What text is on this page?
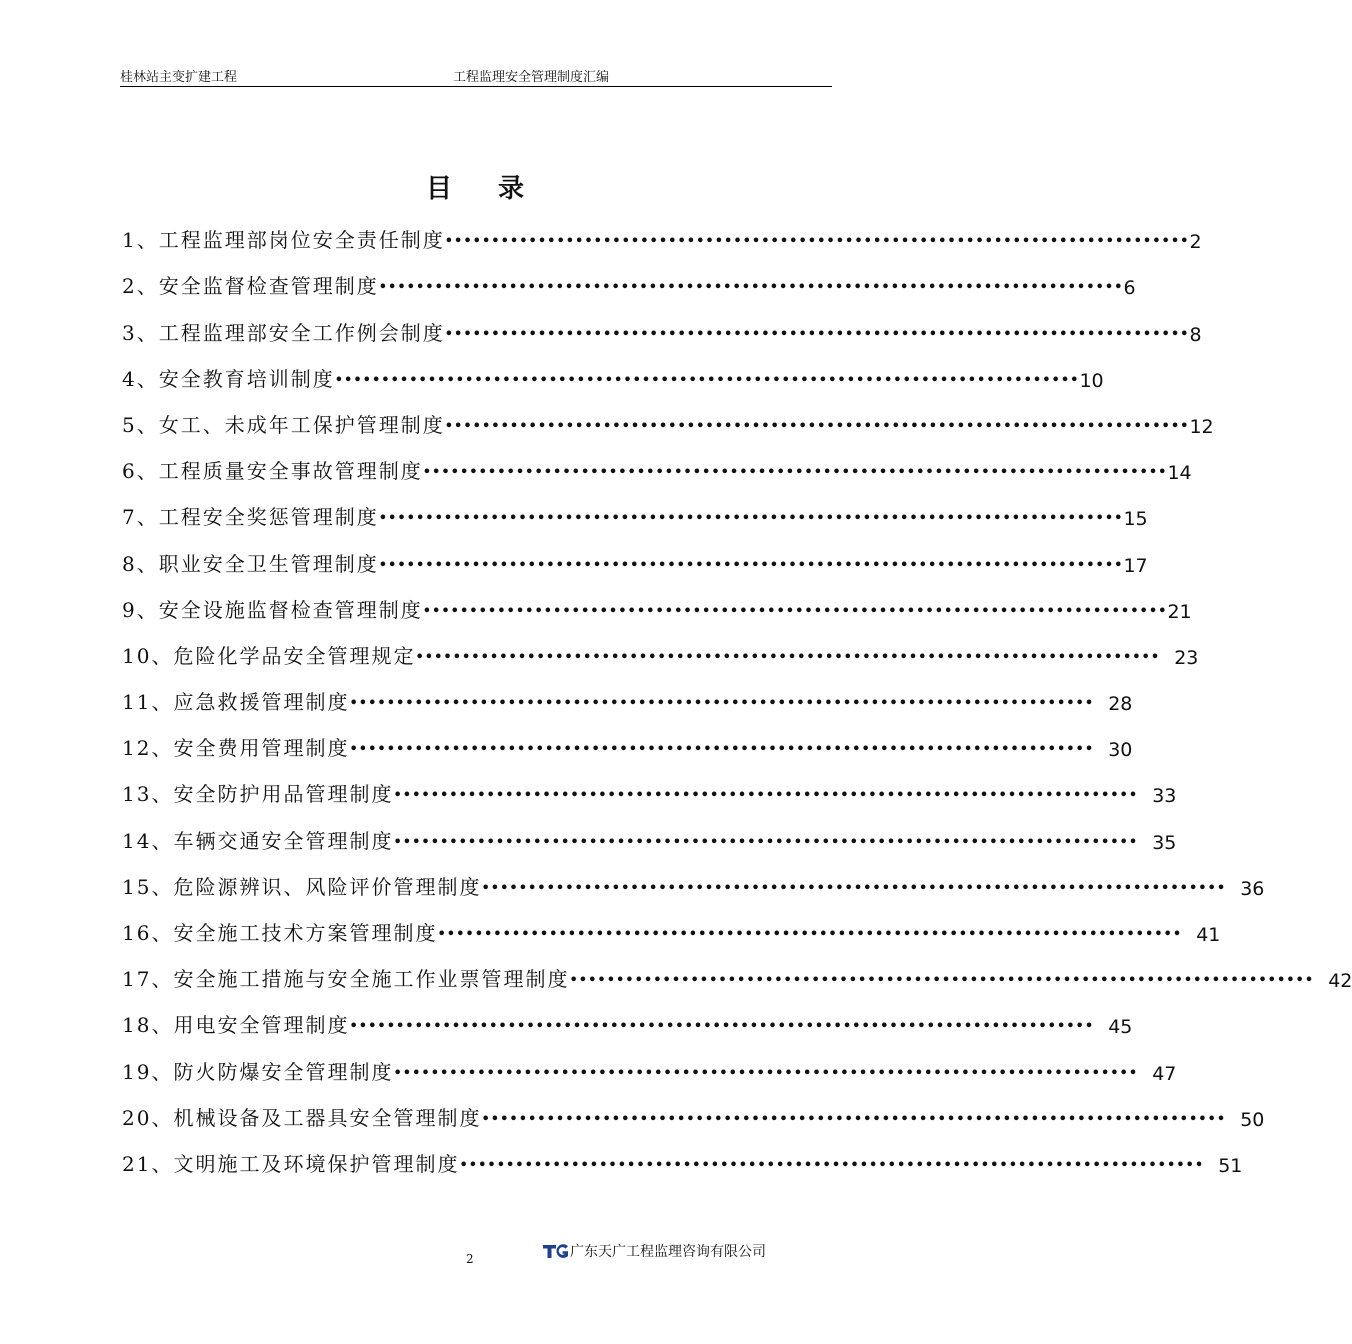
桂林站主变扩建工程	工程监理安全管理制度汇编
目录
1、工程监理部岗位安全责任制度 •••••••••••••••••••••••••••••••••••••••••••••••••••••••••••••••••••••••••••••••• 2
2、安全监督检查管理制度 •••••••••••••••••••••••••••••••••••••••••••••••••••••••••••••••••••••••••••••••• 6
3、工程监理部安全工作例会制度 •••••••••••••••••••••••••••••••••••••••••••••••••••••••••••••••••••••••••••••••• 8
4、安全教育培训制度 •••••••••••••••••••••••••••••••••••••••••••••••••••••••••••••••••••••••••••••••• 10
5、女工、未成年工保护管理制度 •••••••••••••••••••••••••••••••••••••••••••••••••••••••••••••••••••••••••••••••• 12
6、工程质量安全事故管理制度 •••••••••••••••••••••••••••••••••••••••••••••••••••••••••••••••••••••••••••••••• 14
7、工程安全奖惩管理制度 •••••••••••••••••••••••••••••••••••••••••••••••••••••••••••••••••••••••••••••••• 15
8、职业安全卫生管理制度 •••••••••••••••••••••••••••••••••••••••••••••••••••••••••••••••••••••••••••••••• 17
9、安全设施监督检查管理制度 •••••••••••••••••••••••••••••••••••••••••••••••••••••••••••••••••••••••••••••••• 21
10、危险化学品安全管理规定 •••••••••••••••••••••••••••••••••••••••••••••••••••••••••••••••••••••••••••••••• 23
11、应急救援管理制度 •••••••••••••••••••••••••••••••••••••••••••••••••••••••••••••••••••••••••••••••• 28
12、安全费用管理制度 •••••••••••••••••••••••••••••••••••••••••••••••••••••••••••••••••••••••••••••••• 30
13、安全防护用品管理制度 •••••••••••••••••••••••••••••••••••••••••••••••••••••••••••••••••••••••••••••••• 33
14、车辆交通安全管理制度 •••••••••••••••••••••••••••••••••••••••••••••••••••••••••••••••••••••••••••••••• 35
15、危险源辨识、风险评价管理制度 •••••••••••••••••••••••••••••••••••••••••••••••••••••••••••••••••••••••••••••••• 36
16、安全施工技术方案管理制度 •••••••••••••••••••••••••••••••••••••••••••••••••••••••••••••••••••••••••••••••• 41
17、安全施工措施与安全施工作业票管理制度 •••••••••••••••••••••••••••••••••••••••••••••••••••••••••••••••••••••••••••••••• 42
18、用电安全管理制度 •••••••••••••••••••••••••••••••••••••••••••••••••••••••••••••••••••••••••••••••• 45
19、防火防爆安全管理制度 •••••••••••••••••••••••••••••••••••••••••••••••••••••••••••••••••••••••••••••••• 47
20、机械设备及工器具安全管理制度 •••••••••••••••••••••••••••••••••••••••••••••••••••••••••••••••••••••••••••••••• 50
21、文明施工及环境保护管理制度 •••••••••••••••••••••••••••••••••••••••••••••••••••••••••••••••••••••••••••••••• 51
2	广东天广工程监理咨询有限公司
